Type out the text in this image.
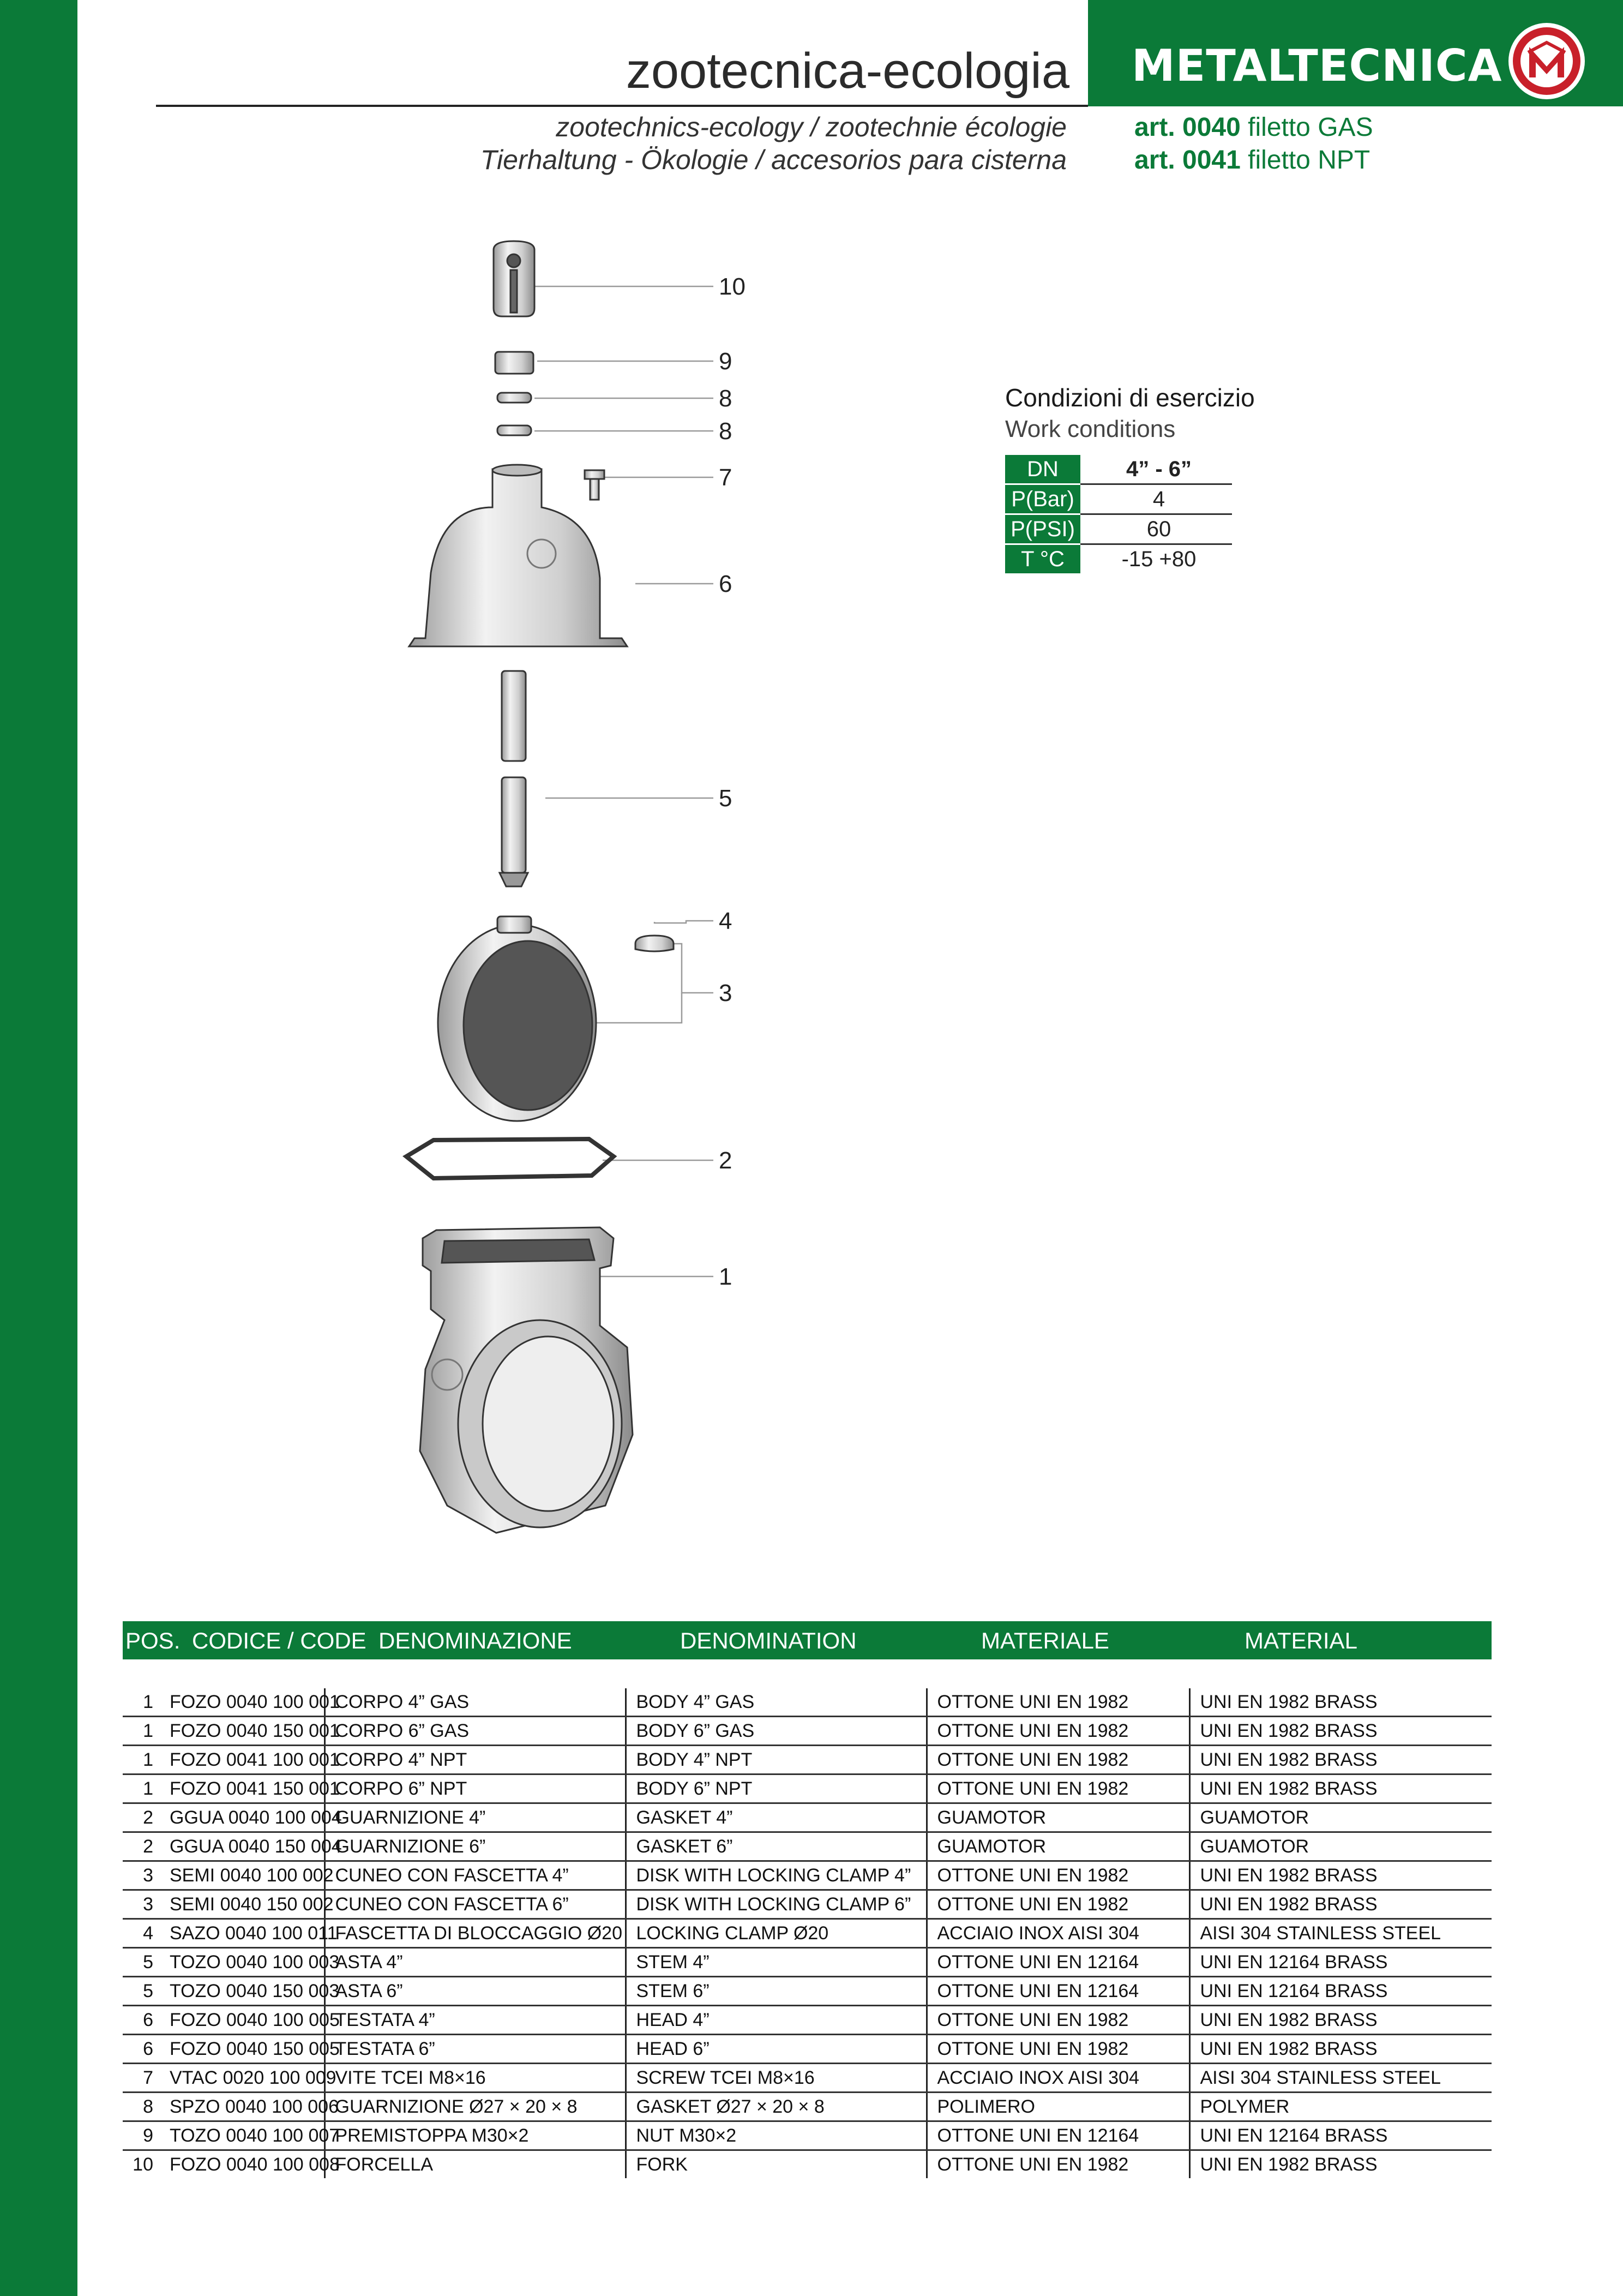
zootecnica-ecologia METALTECNICA
zootechnics-ecology / zootechnie écologie
Tierhaltung - Ökologie / accesorios para cisterna
art. 0040 filetto GAS
art. 0041 filetto NPT
Condizioni di esercizio
Work conditions
DN	4” - 6”
P(Bar)	4
P(PSI)	60
T °C	-15 +80
10
9
8
8
7
6
5
4
3
2
1
POS. CODICE / CODE DENOMINAZIONE	DENOMINATION	MATERIALE	MATERIAL
1	FOZO 0040 100 001	CORPO 4” GAS	BODY 4” GAS	OTTONE UNI EN 1982	UNI EN 1982 BRASS
1	FOZO 0040 150 001	CORPO 6” GAS	BODY 6” GAS	OTTONE UNI EN 1982	UNI EN 1982 BRASS
1	FOZO 0041 100 001	CORPO 4” NPT	BODY 4” NPT	OTTONE UNI EN 1982	UNI EN 1982 BRASS
1	FOZO 0041 150 001	CORPO 6” NPT	BODY 6” NPT	OTTONE UNI EN 1982	UNI EN 1982 BRASS
2	GGUA 0040 100 004	GUARNIZIONE 4”	GASKET 4”	GUAMOTOR	GUAMOTOR
2	GGUA 0040 150 004	GUARNIZIONE 6”	GASKET 6”	GUAMOTOR	GUAMOTOR
3	SEMI 0040 100 002	CUNEO CON FASCETTA 4”	DISK WITH LOCKING CLAMP 4”	OTTONE UNI EN 1982	UNI EN 1982 BRASS
3	SEMI 0040 150 002	CUNEO CON FASCETTA 6”	DISK WITH LOCKING CLAMP 6”	OTTONE UNI EN 1982	UNI EN 1982 BRASS
4	SAZO 0040 100 011	FASCETTA DI BLOCCAGGIO Ø20	LOCKING CLAMP Ø20	ACCIAIO INOX AISI 304	AISI 304 STAINLESS STEEL
5	TOZO 0040 100 003	ASTA 4”	STEM 4”	OTTONE UNI EN 12164	UNI EN 12164 BRASS
5	TOZO 0040 150 003	ASTA 6”	STEM 6”	OTTONE UNI EN 12164	UNI EN 12164 BRASS
6	FOZO 0040 100 005	TESTATA 4”	HEAD 4”	OTTONE UNI EN 1982	UNI EN 1982 BRASS
6	FOZO 0040 150 005	TESTATA 6”	HEAD 6”	OTTONE UNI EN 1982	UNI EN 1982 BRASS
7	VTAC 0020 100 009	VITE TCEI M8×16	SCREW TCEI M8×16	ACCIAIO INOX AISI 304	AISI 304 STAINLESS STEEL
8	SPZO 0040 100 006	GUARNIZIONE Ø27 × 20 × 8	GASKET Ø27 × 20 × 8	POLIMERO	POLYMER
9	TOZO 0040 100 007	PREMISTOPPA M30×2	NUT M30×2	OTTONE UNI EN 12164	UNI EN 12164 BRASS
10	FOZO 0040 100 008	FORCELLA	FORK	OTTONE UNI EN 1982	UNI EN 1982 BRASS
